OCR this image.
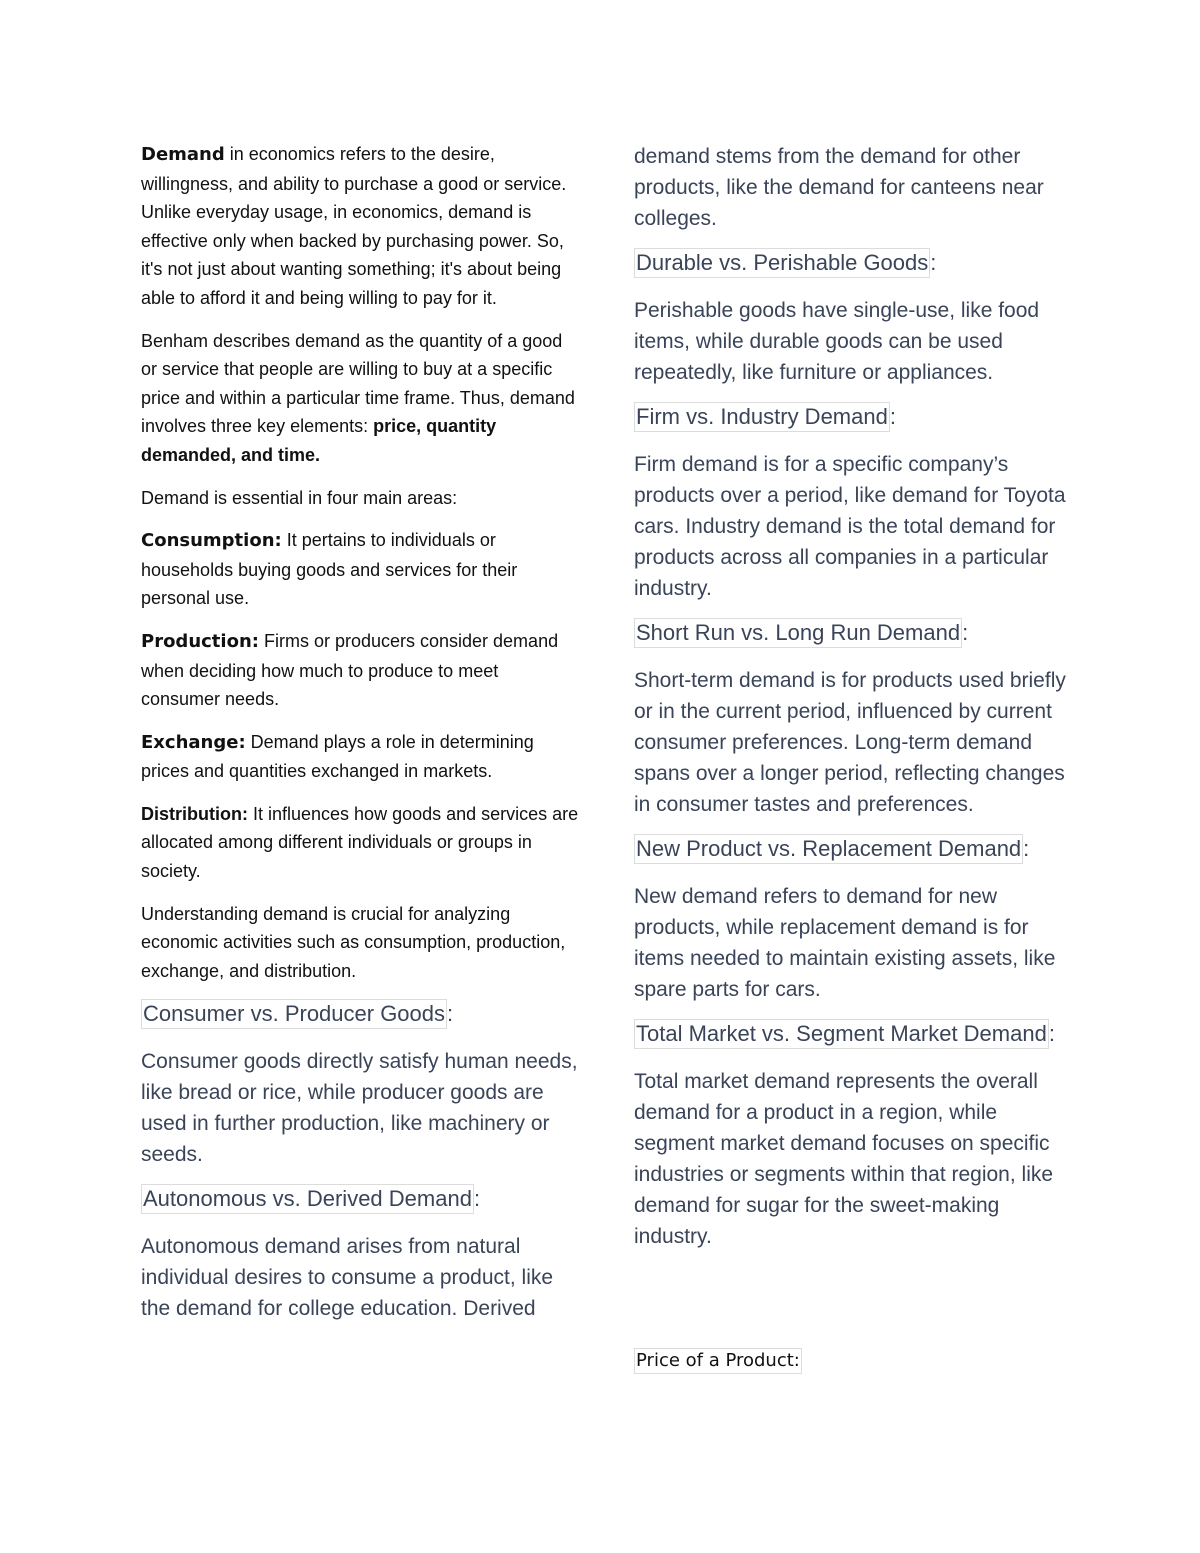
Demand in economics refers to the desire, willingness, and ability to purchase a good or service. Unlike everyday usage, in economics, demand is effective only when backed by purchasing power. So, it's not just about wanting something; it's about being able to afford it and being willing to pay for it.

Benham describes demand as the quantity of a good or service that people are willing to buy at a specific price and within a particular time frame. Thus, demand involves three key elements: price, quantity demanded, and time.

Demand is essential in four main areas:

Consumption: It pertains to individuals or households buying goods and services for their personal use.

Production: Firms or producers consider demand when deciding how much to produce to meet consumer needs.

Exchange: Demand plays a role in determining prices and quantities exchanged in markets.

Distribution: It influences how goods and services are allocated among different individuals or groups in society.

Understanding demand is crucial for analyzing economic activities such as consumption, production, exchange, and distribution.

Consumer vs. Producer Goods:

Consumer goods directly satisfy human needs, like bread or rice, while producer goods are used in further production, like machinery or seeds.

Autonomous vs. Derived Demand:

Autonomous demand arises from natural individual desires to consume a product, like the demand for college education. Derived

demand stems from the demand for other products, like the demand for canteens near colleges.

Durable vs. Perishable Goods:

Perishable goods have single-use, like food items, while durable goods can be used repeatedly, like furniture or appliances.

Firm vs. Industry Demand:

Firm demand is for a specific company’s products over a period, like demand for Toyota cars. Industry demand is the total demand for products across all companies in a particular industry.

Short Run vs. Long Run Demand:

Short-term demand is for products used briefly or in the current period, influenced by current consumer preferences. Long-term demand spans over a longer period, reflecting changes in consumer tastes and preferences.

New Product vs. Replacement Demand:

New demand refers to demand for new products, while replacement demand is for items needed to maintain existing assets, like spare parts for cars.

Total Market vs. Segment Market Demand:

Total market demand represents the overall demand for a product in a region, while segment market demand focuses on specific industries or segments within that region, like demand for sugar for the sweet-making industry.

Price of a Product:
